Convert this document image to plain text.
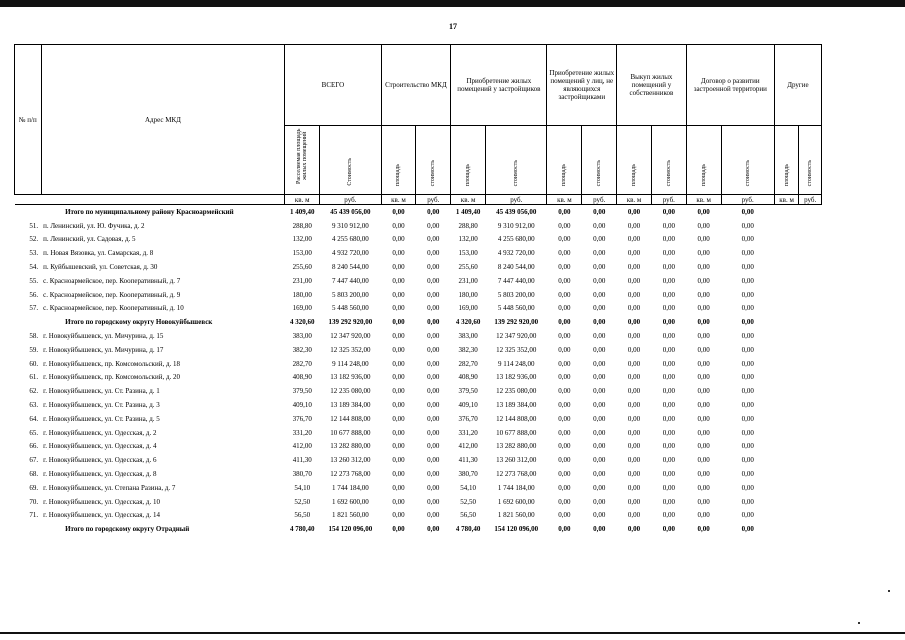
17
№ п/п	Адрес МКД	ВСЕГО		Строительство МКД		Приобретение жилых помещений у застройщиков		Приобретение жилых помещений у лиц, не являющихся застройщиками		Выкуп жилых помещений у собственников		Договор о развитии застроенной территории		Другие	
		Расселяемая площадь жилых помещений	Стоимость	площадь	стоимость	площадь	стоимость	площадь	стоимость	площадь	стоимость	площадь	стоимость	площадь	стоимость
		кв. м	руб.	кв. м	руб.	кв. м	руб.	кв. м	руб.	кв. м	руб.	кв. м	руб.	кв. м	руб.
	Итого по муниципальному району Красноармейский	1 409,40	45 439 056,00	0,00	0,00	1 409,40	45 439 056,00	0,00	0,00	0,00	0,00	0,00	0,00		
51.	п. Ленинский, ул. Ю. Фучика, д. 2	288,80	9 310 912,00	0,00	0,00	288,80	9 310 912,00	0,00	0,00	0,00	0,00	0,00	0,00		
52.	п. Ленинский, ул. Садовая, д. 5	132,00	4 255 680,00	0,00	0,00	132,00	4 255 680,00	0,00	0,00	0,00	0,00	0,00	0,00		
53.	п. Новая Вязовка, ул. Самарская, д. 8	153,00	4 932 720,00	0,00	0,00	153,00	4 932 720,00	0,00	0,00	0,00	0,00	0,00	0,00		
54.	п. Куйбышевский, ул. Советская, д. 30	255,60	8 240 544,00	0,00	0,00	255,60	8 240 544,00	0,00	0,00	0,00	0,00	0,00	0,00		
55.	с. Красноармейское, пер. Кооперативный, д. 7	231,00	7 447 440,00	0,00	0,00	231,00	7 447 440,00	0,00	0,00	0,00	0,00	0,00	0,00		
56.	с. Красноармейское, пер. Кооперативный, д. 9	180,00	5 803 200,00	0,00	0,00	180,00	5 803 200,00	0,00	0,00	0,00	0,00	0,00	0,00		
57.	с. Красноармейское, пер. Кооперативный, д. 10	169,00	5 448 560,00	0,00	0,00	169,00	5 448 560,00	0,00	0,00	0,00	0,00	0,00	0,00		
	Итого по городскому округу Новокуйбышевск	4 320,60	139 292 920,00	0,00	0,00	4 320,60	139 292 920,00	0,00	0,00	0,00	0,00	0,00	0,00		
58.	г. Новокуйбышевск, ул. Мичурина, д. 15	383,00	12 347 920,00	0,00	0,00	383,00	12 347 920,00	0,00	0,00	0,00	0,00	0,00	0,00		
59.	г. Новокуйбышевск, ул. Мичурина, д. 17	382,30	12 325 352,00	0,00	0,00	382,30	12 325 352,00	0,00	0,00	0,00	0,00	0,00	0,00		
60.	г. Новокуйбышевск, пр. Комсомольский, д. 18	282,70	9 114 248,00	0,00	0,00	282,70	9 114 248,00	0,00	0,00	0,00	0,00	0,00	0,00		
61.	г. Новокуйбышевск, пр. Комсомольский, д. 20	408,90	13 182 936,00	0,00	0,00	408,90	13 182 936,00	0,00	0,00	0,00	0,00	0,00	0,00		
62.	г. Новокуйбышевск, ул. Ст. Разина, д. 1	379,50	12 235 080,00	0,00	0,00	379,50	12 235 080,00	0,00	0,00	0,00	0,00	0,00	0,00		
63.	г. Новокуйбышевск, ул. Ст. Разина, д. 3	409,10	13 189 384,00	0,00	0,00	409,10	13 189 384,00	0,00	0,00	0,00	0,00	0,00	0,00		
64.	г. Новокуйбышевск, ул. Ст. Разина, д. 5	376,70	12 144 808,00	0,00	0,00	376,70	12 144 808,00	0,00	0,00	0,00	0,00	0,00	0,00		
65.	г. Новокуйбышевск, ул. Одесская, д. 2	331,20	10 677 888,00	0,00	0,00	331,20	10 677 888,00	0,00	0,00	0,00	0,00	0,00	0,00		
66.	г. Новокуйбышевск, ул. Одесская, д. 4	412,00	13 282 880,00	0,00	0,00	412,00	13 282 880,00	0,00	0,00	0,00	0,00	0,00	0,00		
67.	г. Новокуйбышевск, ул. Одесская, д. 6	411,30	13 260 312,00	0,00	0,00	411,30	13 260 312,00	0,00	0,00	0,00	0,00	0,00	0,00		
68.	г. Новокуйбышевск, ул. Одесская, д. 8	380,70	12 273 768,00	0,00	0,00	380,70	12 273 768,00	0,00	0,00	0,00	0,00	0,00	0,00		
69.	г. Новокуйбышевск, ул. Степана Разина, д. 7	54,10	1 744 184,00	0,00	0,00	54,10	1 744 184,00	0,00	0,00	0,00	0,00	0,00	0,00		
70.	г. Новокуйбышевск, ул. Одесская, д. 10	52,50	1 692 600,00	0,00	0,00	52,50	1 692 600,00	0,00	0,00	0,00	0,00	0,00	0,00		
71.	г. Новокуйбышевск, ул. Одесская, д. 14	56,50	1 821 560,00	0,00	0,00	56,50	1 821 560,00	0,00	0,00	0,00	0,00	0,00	0,00		
	Итого по городскому округу Отрадный	4 780,40	154 120 096,00	0,00	0,00	4 780,40	154 120 096,00	0,00	0,00	0,00	0,00	0,00	0,00		
